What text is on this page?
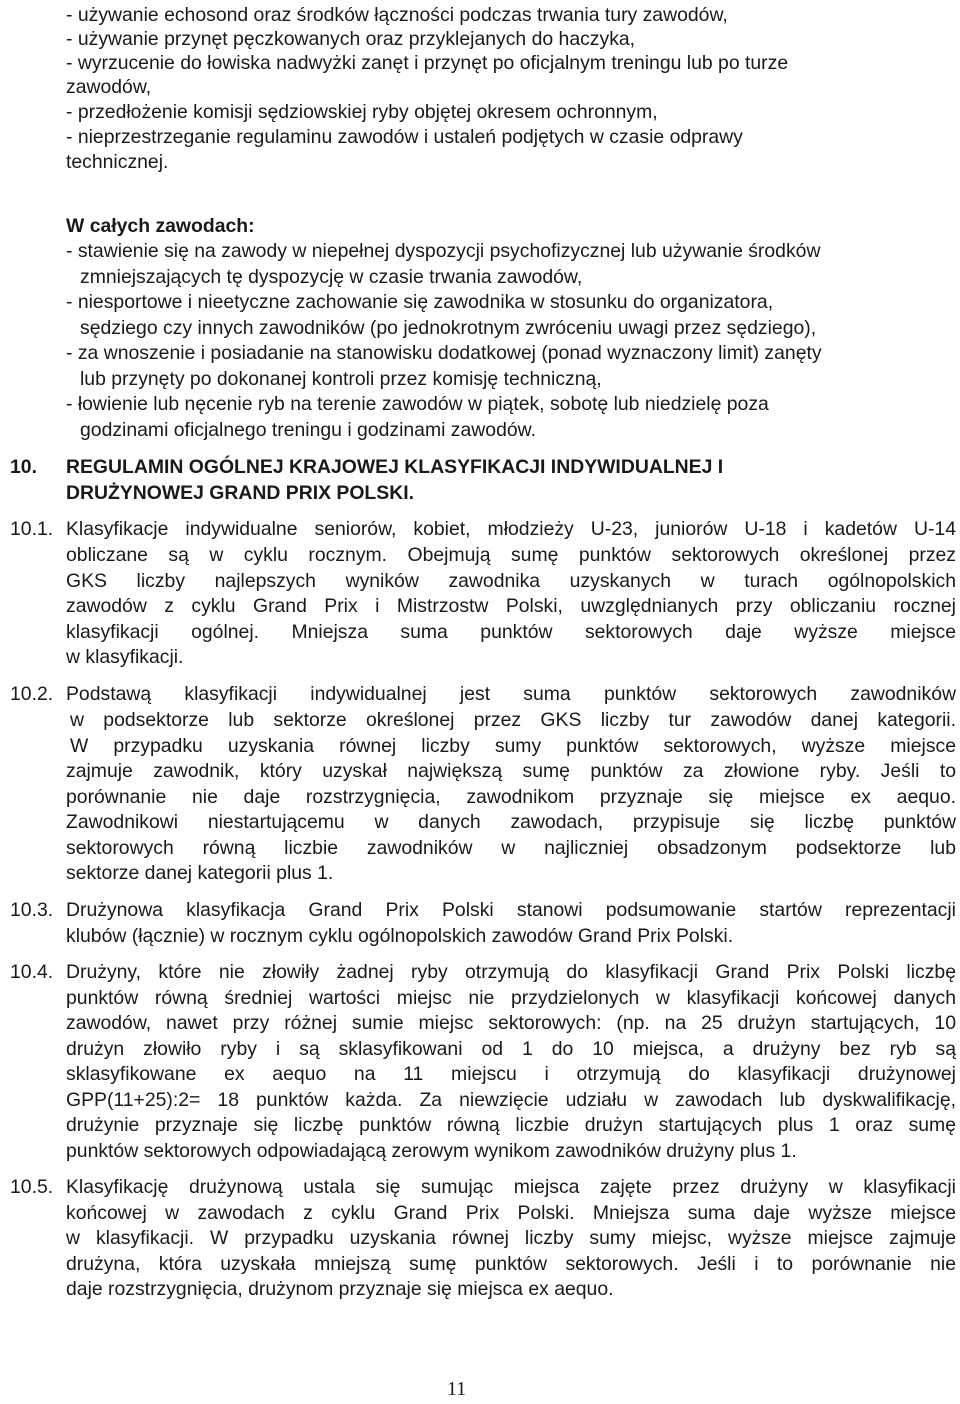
- używanie echosond oraz środków łączności podczas trwania tury zawodów,
- używanie przynęt pęczkowanych oraz przyklejanych do haczyka,
- wyrzucenie do łowiska nadwyżki zanęt i przynęt po oficjalnym treningu lub po turze
zawodów,
- przedłożenie komisji sędziowskiej ryby objętej okresem ochronnym,
- nieprzestrzeganie regulaminu zawodów i ustaleń podjętych w czasie odprawy
technicznej.
W całych zawodach:
- stawienie się na zawody w niepełnej dyspozycji psychofizycznej lub używanie środków
zmniejszających tę dyspozycję w czasie trwania zawodów,
- niesportowe i nieetyczne zachowanie się zawodnika w stosunku do organizatora,
sędziego czy innych zawodników (po jednokrotnym zwróceniu uwagi przez sędziego),
- za wnoszenie i posiadanie na stanowisku dodatkowej (ponad wyznaczony limit) zanęty
lub przynęty po dokonanej kontroli przez komisję techniczną,
- łowienie lub nęcenie ryb na terenie zawodów w piątek, sobotę lub niedzielę poza
godzinami oficjalnego treningu i godzinami zawodów.
10. REGULAMIN OGÓLNEJ KRAJOWEJ KLASYFIKACJI INDYWIDUALNEJ I
DRUŻYNOWEJ GRAND PRIX POLSKI.
10.1. Klasyfikacje indywidualne seniorów, kobiet, młodzieży U-23, juniorów U-18 i kadetów U-14
obliczane są w cyklu rocznym. Obejmują sumę punktów sektorowych określonej przez
GKS liczby najlepszych wyników zawodnika uzyskanych w turach ogólnopolskich
zawodów z cyklu Grand Prix i Mistrzostw Polski, uwzględnianych przy obliczaniu rocznej
klasyfikacji ogólnej. Mniejsza suma punktów sektorowych daje wyższe miejsce
w klasyfikacji.
10.2. Podstawą klasyfikacji indywidualnej jest suma punktów sektorowych zawodników
w podsektorze lub sektorze określonej przez GKS liczby tur zawodów danej kategorii.
W przypadku uzyskania równej liczby sumy punktów sektorowych, wyższe miejsce
zajmuje zawodnik, który uzyskał największą sumę punktów za złowione ryby. Jeśli to
porównanie nie daje rozstrzygnięcia, zawodnikom przyznaje się miejsce ex aequo.
Zawodnikowi niestartującemu w danych zawodach, przypisuje się liczbę punktów
sektorowych równą liczbie zawodników w najliczniej obsadzonym podsektorze lub
sektorze danej kategorii plus 1.
10.3. Drużynowa klasyfikacja Grand Prix Polski stanowi podsumowanie startów reprezentacji
klubów (łącznie) w rocznym cyklu ogólnopolskich zawodów Grand Prix Polski.
10.4. Drużyny, które nie złowiły żadnej ryby otrzymują do klasyfikacji Grand Prix Polski liczbę
punktów równą średniej wartości miejsc nie przydzielonych w klasyfikacji końcowej danych
zawodów, nawet przy różnej sumie miejsc sektorowych: (np. na 25 drużyn startujących, 10
drużyn złowiło ryby i są sklasyfikowani od 1 do 10 miejsca, a drużyny bez ryb są
sklasyfikowane ex aequo na 11 miejscu i otrzymują do klasyfikacji drużynowej
GPP(11+25):2= 18 punktów każda. Za niewzięcie udziału w zawodach lub dyskwalifikację,
drużynie przyznaje się liczbę punktów równą liczbie drużyn startujących plus 1 oraz sumę
punktów sektorowych odpowiadającą zerowym wynikom zawodników drużyny plus 1.
10.5. Klasyfikację drużynową ustala się sumując miejsca zajęte przez drużyny w klasyfikacji
końcowej w zawodach z cyklu Grand Prix Polski. Mniejsza suma daje wyższe miejsce
w klasyfikacji. W przypadku uzyskania równej liczby sumy miejsc, wyższe miejsce zajmuje
drużyna, która uzyskała mniejszą sumę punktów sektorowych. Jeśli i to porównanie nie
daje rozstrzygnięcia, drużynom przyznaje się miejsca ex aequo.
11
